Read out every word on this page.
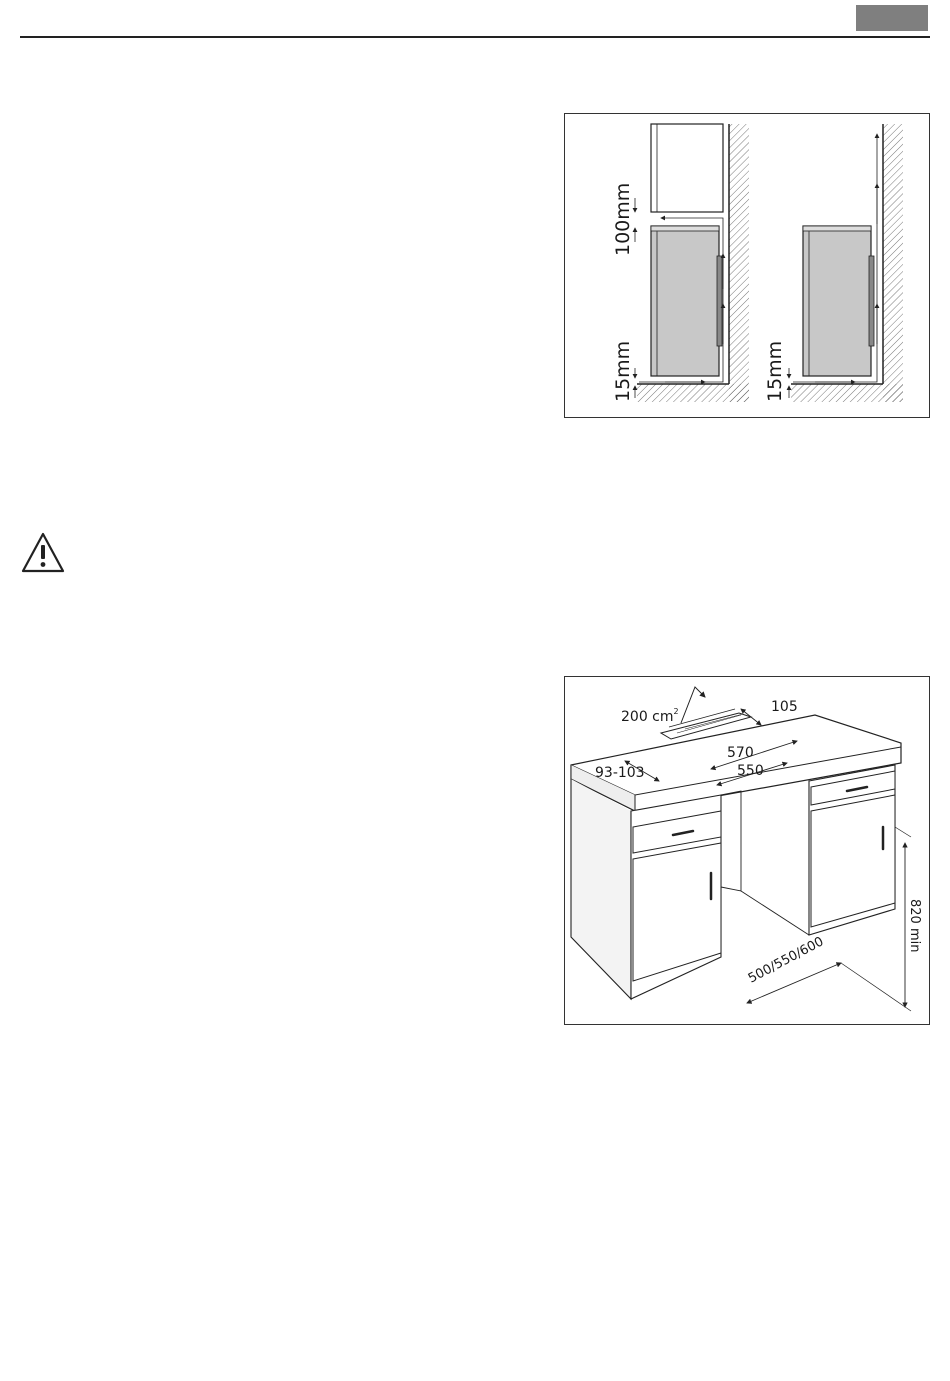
100mm
15mm	15mm
200 $cm^2$	105
570
550
93-103
500/550/600
820 min
